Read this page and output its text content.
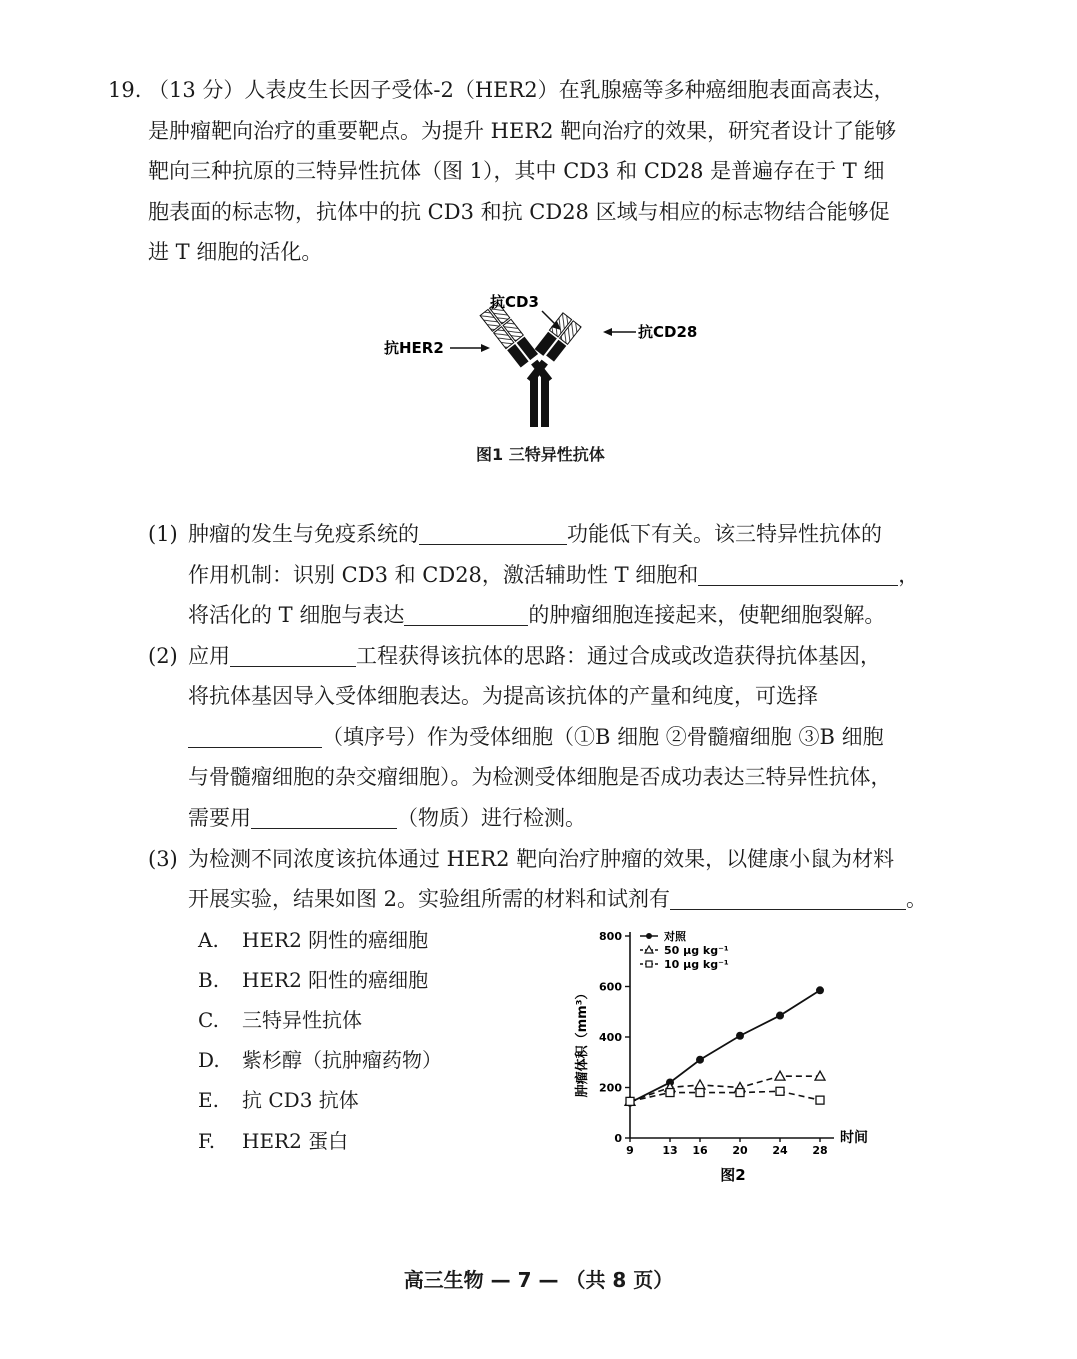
19. （13 分）人表皮生长因子受体-2（HER2）在乳腺癌等多种癌细胞表面高表达，
是肿瘤靶向治疗的重要靶点。为提升 HER2 靶向治疗的效果，研究者设计了能够
靶向三种抗原的三特异性抗体（图 1），其中 CD3 和 CD28 是普遍存在于 T 细
胞表面的标志物，抗体中的抗 CD3 和抗 CD28 区域与相应的标志物结合能够促
进 T 细胞的活化。
抗CD3
抗CD28
抗HER2
图1 三特异性抗体
(1) 肿瘤的发生与免疫系统的	功能低下有关。该三特异性抗体的
作用机制：识别 CD3 和 CD28，激活辅助性 T 细胞和	，
将活化的 T 细胞与表达	的肿瘤细胞连接起来，使靶细胞裂解。
(2) 应用	工程获得该抗体的思路：通过合成或改造获得抗体基因，
将抗体基因导入受体细胞表达。为提高该抗体的产量和纯度，可选择
（填序号）作为受体细胞（①B 细胞 ②骨髓瘤细胞 ③B 细胞
与骨髓瘤细胞的杂交瘤细胞）。为检测受体细胞是否成功表达三特异性抗体，
需要用	（物质）进行检测。
(3) 为检测不同浓度该抗体通过 HER2 靶向治疗肿瘤的效果，以健康小鼠为材料
开展实验，结果如图 2。实验组所需的材料和试剂有	。
A. HER2 阴性的癌细胞
B. HER2 阳性的癌细胞
C. 三特异性抗体
D. 紫杉醇（抗肿瘤药物）
E. 抗 CD3 抗体
F. HER2 蛋白	0
200
400
600
800
9	13 16 20 24 28
对照
50 μg kg⁻¹
10 μg kg⁻¹
肿瘤体积（mm³）
时间
图2
高三生物 — 7 — （共 8 页）
